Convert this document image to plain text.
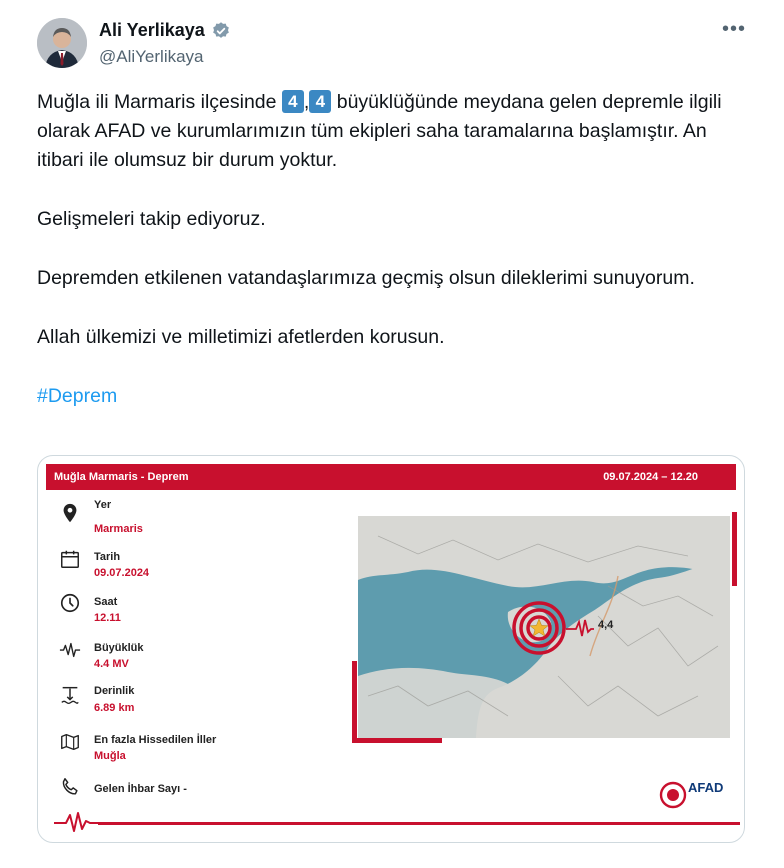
Ali Yerlikaya
@AliYerlikaya
•••

Muğla ili Marmaris ilçesinde 4 , 4 büyüklüğünde meydana gelen depremle ilgili olarak AFAD ve kurumlarımızın tüm ekipleri saha taramalarına başlamıştır. An itibari ile olumsuz bir durum yoktur.

Gelişmeleri takip ediyoruz.

Depremden etkilenen vatandaşlarımıza geçmiş olsun dileklerimi sunuyorum.

Allah ülkemizi ve milletimizi afetlerden korusun.

#Deprem

Muğla Marmaris - Deprem	09.07.2024 – 12.20
Yer
Marmaris
Tarih
09.07.2024
Saat
12.11
Büyüklük
4.4 MV
Derinlik
6.89 km
En fazla Hissedilen İller
Muğla
Gelen İhbar Sayı -
4,4
AFAD
